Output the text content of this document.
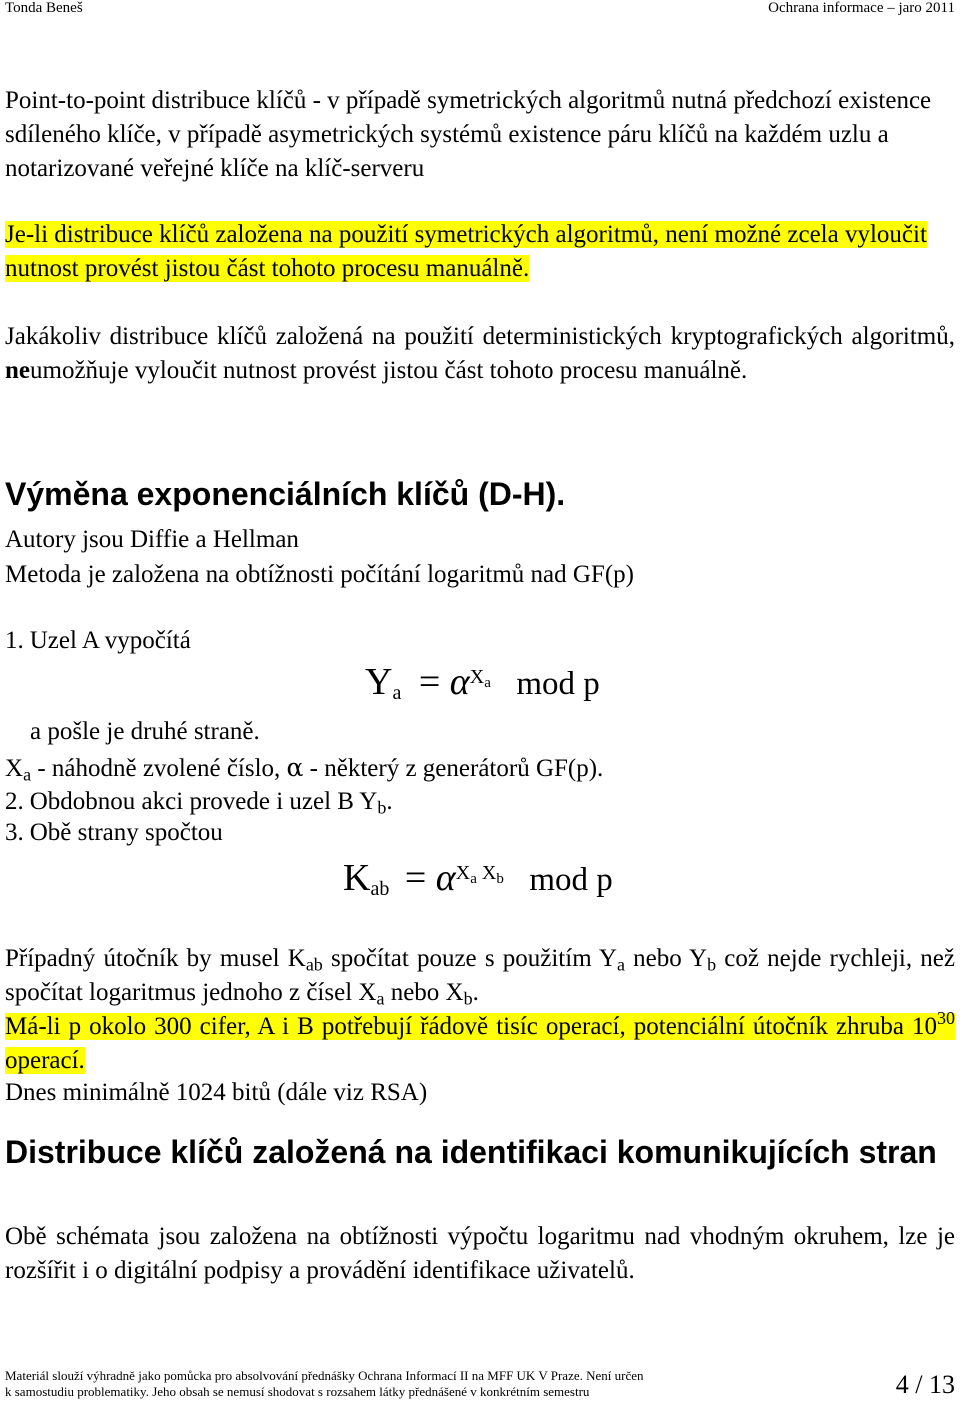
Tonda Beneš	Ochrana informace – jaro 2011

Point-to-point distribuce klíčů - v případě symetrických algoritmů nutná předchozí existence sdíleného klíče, v případě asymetrických systémů existence páru klíčů na každém uzlu a notarizované veřejné klíče na klíč-serveru

Je-li distribuce klíčů založena na použití symetrických algoritmů, není možné zcela vyloučit nutnost provést jistou část tohoto procesu manuálně.

Jakákoliv distribuce klíčů založená na použití deterministických kryptografických algoritmů, neumožňuje vyloučit nutnost provést jistou část tohoto procesu manuálně.

Výměna exponenciálních klíčů (D-H).
Autory jsou Diffie a Hellman
Metoda je založena na obtížnosti počítání logaritmů nad GF(p)
1. Uzel A vypočítá
$Y_a = \alpha^{X_a}$ mod p
a pošle je druhé straně.
$X_a$ - náhodně zvolené číslo, α - některý z generátorů GF(p).
2. Obdobnou akci provede i uzel B $Y_b$.
3. Obě strany spočtou
$K_{ab} = \alpha^{X_a X_b}$ mod p

Případný útočník by musel $K_{ab}$ spočítat pouze s použitím $Y_a$ nebo $Y_b$ což nejde rychleji, než spočítat logaritmus jednoho z čísel $X_a$ nebo $X_b$.

Má-li p okolo 300 cifer, A i B potřebují řádově tisíc operací, potenciální útočník zhruba $10^{30}$ operací.

Dnes minimálně 1024 bitů (dále viz RSA)
Distribuce klíčů založená na identifikaci komunikujících stran

Obě schémata jsou založena na obtížnosti výpočtu logaritmu nad vhodným okruhem, lze je rozšířit i o digitální podpisy a provádění identifikace uživatelů.

Materiál slouží výhradně jako pomůcka pro absolvování přednášky Ochrana Informací II na MFF UK V Praze. Není určen
k samostudiu problematiky. Jeho obsah se nemusí shodovat s rozsahem látky přednášené v konkrétním semestru	4 / 13
